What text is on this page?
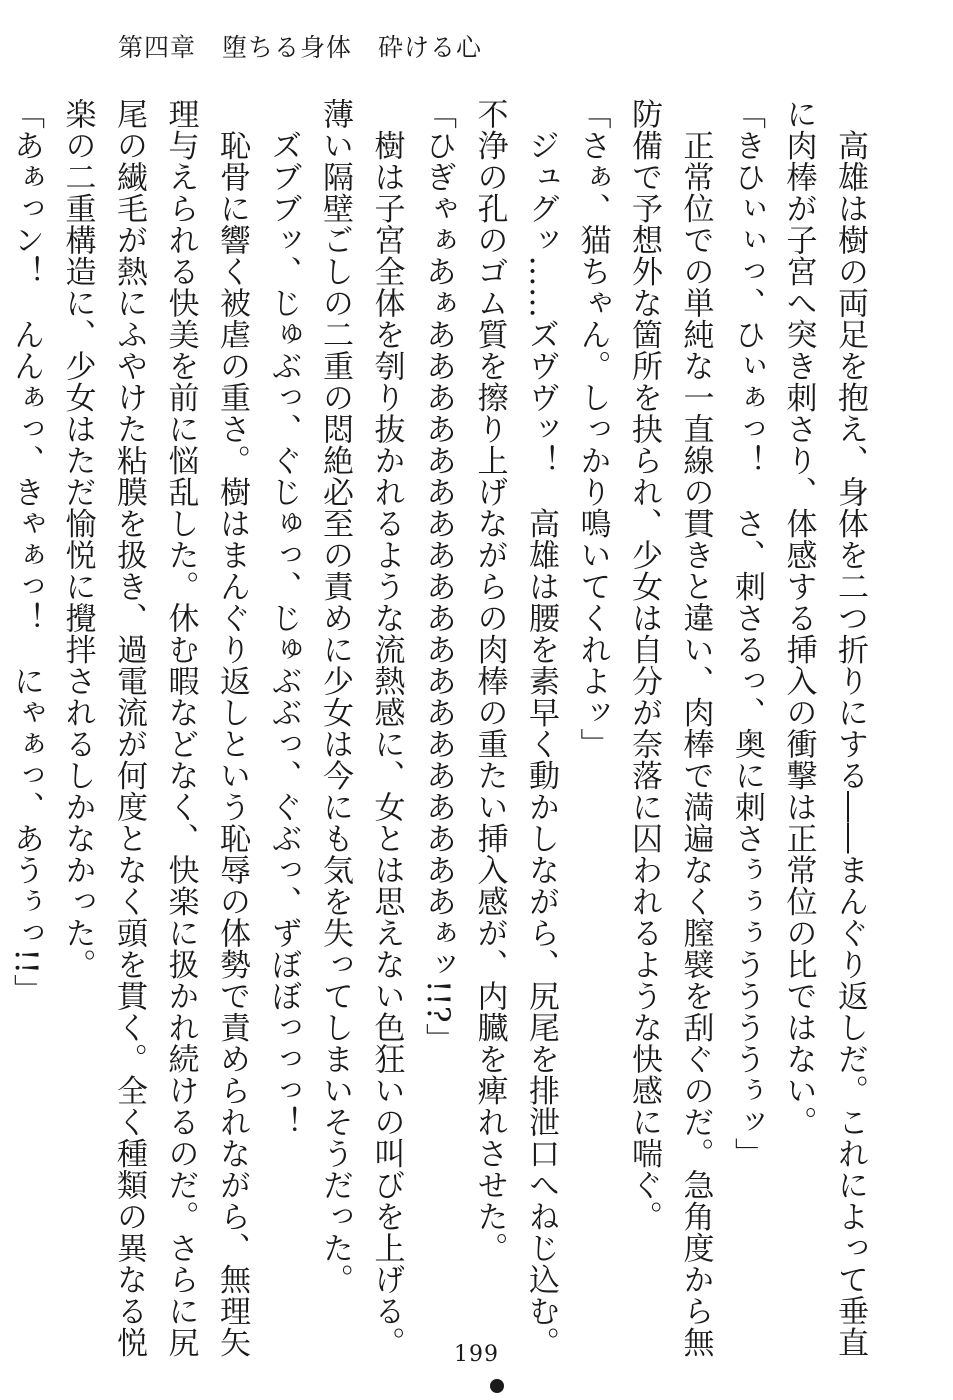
第四章　堕ちる身体　砕ける心

　高雄は樹の両足を抱え、身体を二つ折りにする――まんぐり返しだ。これによって垂直

に肉棒が子宮へ突き刺さり、体感する挿入の衝撃は正常位の比ではない。

「きひぃぃっ、ひぃぁっ！　さ、刺さるっ、奥に刺さぅぅぅううううぅッ」

　正常位での単純な一直線の貫きと違い、肉棒で満遍なく膣襞を刮ぐのだ。急角度から無

防備で予想外な箇所を抉られ、少女は自分が奈落に囚われるような快感に喘ぐ。

「さぁ、猫ちゃん。しっかり鳴いてくれよッ」

　ジュグッ……ズヴヴッ！　高雄は腰を素早く動かしながら、尻尾を排泄口へねじ込む。

不浄の孔のゴム質を擦り上げながらの肉棒の重たい挿入感が、内臓を痺れさせた。

「ひぎゃぁあぁあああああああああああああああああああぁッ!!?」

　樹は子宮全体を刳り抜かれるような流熱感に、女とは思えない色狂いの叫びを上げる。

薄い隔壁ごしの二重の悶絶必至の責めに少女は今にも気を失ってしまいそうだった。

　ズブブッ、じゅぶっ、ぐじゅっ、じゅぶぶっ、ぐぶっ、ずぼぼっっっ！

　恥骨に響く被虐の重さ。樹はまんぐり返しという恥辱の体勢で責められながら、無理矢

理与えられる快美を前に悩乱した。休む暇などなく、快楽に扱かれ続けるのだ。さらに尻

尾の繊毛が熱にふやけた粘膜を扱き、過電流が何度となく頭を貫く。全く種類の異なる悦

楽の二重構造に、少女はただ愉悦に攪拌されるしかなかった。

「あぁっン！　んんぁっ、きゃぁっ！　にゃぁっ、あうぅっ!!」

199
